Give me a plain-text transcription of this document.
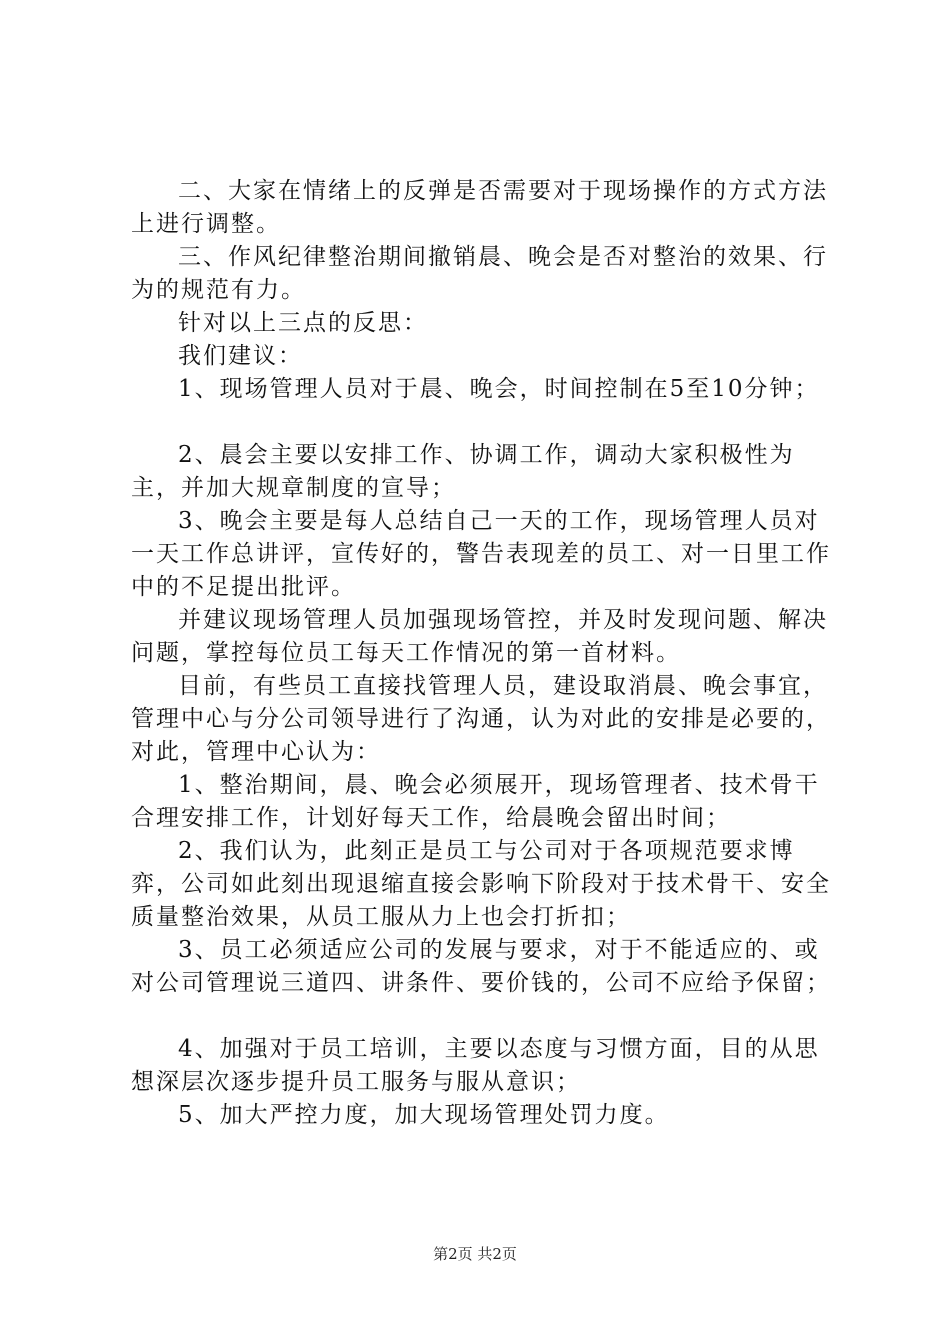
二、大家在情绪上的反弹是否需要对于现场操作的方式方法上进行调整。

三、作风纪律整治期间撤销晨、晚会是否对整治的效果、行为的规范有力。

针对以上三点的反思：

我们建议：

1、现场管理人员对于晨、晚会，时间控制在5至10分钟；

2、晨会主要以安排工作、协调工作，调动大家积极性为主，并加大规章制度的宣导；

3、晚会主要是每人总结自己一天的工作，现场管理人员对一天工作总讲评，宣传好的，警告表现差的员工、对一日里工作中的不足提出批评。

并建议现场管理人员加强现场管控，并及时发现问题、解决问题，掌控每位员工每天工作情况的第一首材料。

目前，有些员工直接找管理人员，建设取消晨、晚会事宜，管理中心与分公司领导进行了沟通，认为对此的安排是必要的，对此，管理中心认为：

1、整治期间，晨、晚会必须展开，现场管理者、技术骨干合理安排工作，计划好每天工作，给晨晚会留出时间；

2、我们认为，此刻正是员工与公司对于各项规范要求博弈，公司如此刻出现退缩直接会影响下阶段对于技术骨干、安全质量整治效果，从员工服从力上也会打折扣；

3、员工必须适应公司的发展与要求，对于不能适应的、或对公司管理说三道四、讲条件、要价钱的，公司不应给予保留；

4、加强对于员工培训，主要以态度与习惯方面，目的从思想深层次逐步提升员工服务与服从意识；

5、加大严控力度，加大现场管理处罚力度。

第2页 共2页
